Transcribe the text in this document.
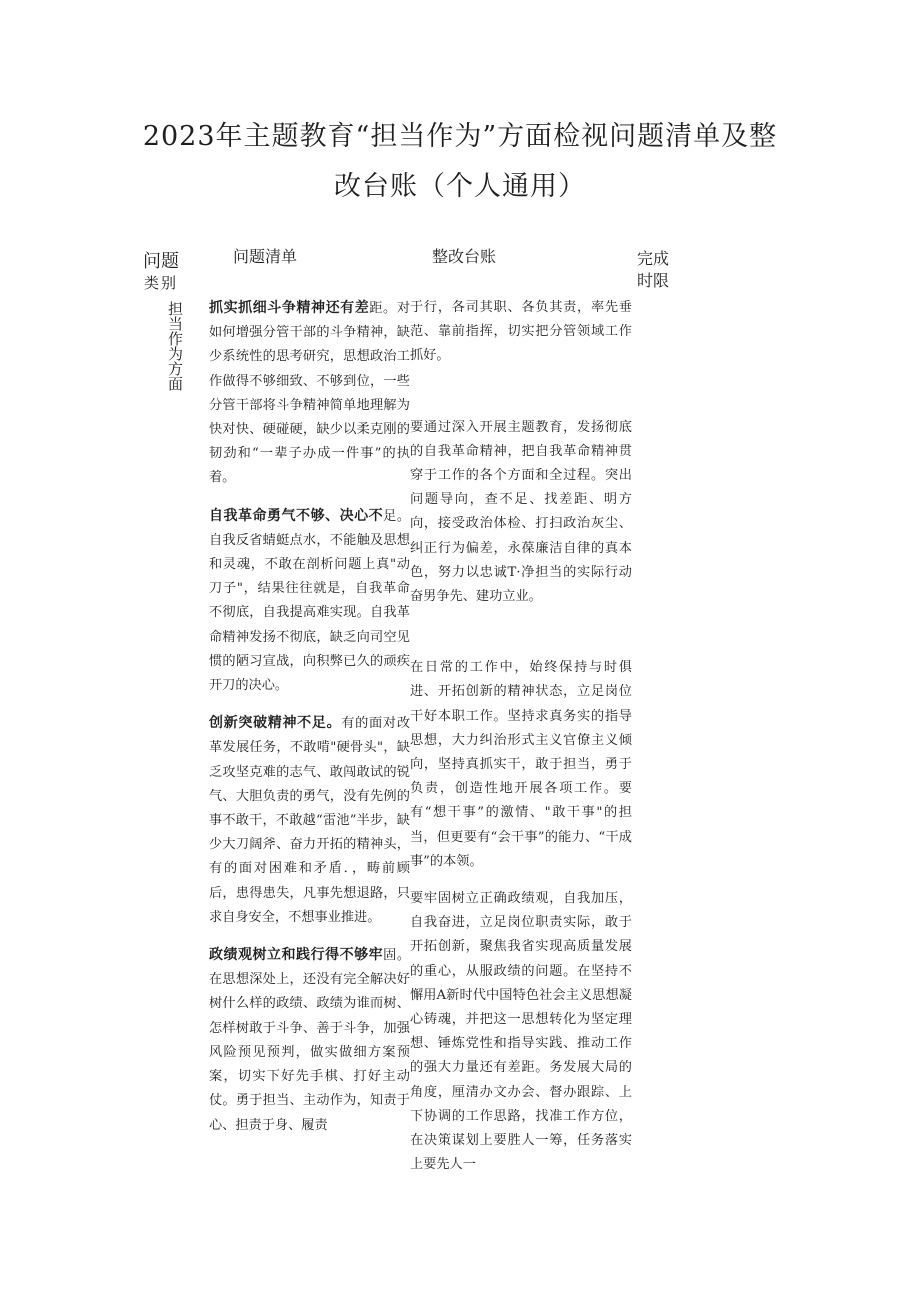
2023年主题教育“担当作为”方面检视问题清单及整
改台账（个人通用）
问题
类别
担当作为方面
问题清单	整改台账	完成时限

抓实抓细斗争精神还有差距。对如何增强分管干部的斗争精神，缺少系统性的思考研究，思想政治工作做得不够细致、不够到位，一些分管干部将斗争精神简单地理解为快对快、硬碰硬，缺少以柔克刚的韧劲和“一辈子办成一件事”的执着。

自我革命勇气不够、决心不足。自我反省蜻蜓点水，不能触及思想和灵魂，不敢在剖析问题上真"动刀子"，结果往往就是，自我革命不彻底，自我提高难实现。自我革命精神发扬不彻底，缺乏向司空见惯的陋习宣战，向积弊已久的顽疾开刀的决心。

创新突破精神不足。有的面对改革发展任务，不敢啃"硬骨头"，缺乏攻坚克难的志气、敢闯敢试的锐气、大胆负责的勇气，没有先例的事不敢干，不敢越“雷池”半步，缺少大刀阔斧、奋力开拓的精神头，有的面对困难和矛盾．，畴前顾后，患得患失，凡事先想退路，只求自身安全，不想事业推进。

政绩观树立和践行得不够牢固。在思想深处上，还没有完全解决好树什么样的政绩、政绩为谁而树、怎样树敢于斗争、善于斗争，加强风险预见预判，做实做细方案预案，切实下好先手棋、打好主动仗。勇于担当、主动作为，知责于心、担责于身、履责

于行，各司其职、各负其责，率先垂范、靠前指挥，切实把分管领域工作抓好。

要通过深入开展主题教育，发扬彻底的自我革命精神，把自我革命精神贯穿于工作的各个方面和全过程。突出问题导向，查不足、找差距、明方向，接受政治体检、打扫政治灰尘、纠正行为偏差，永葆廉洁自律的真本色，努力以忠诚T·净担当的实际行动奋男争先、建功立业。

在日常的工作中，始终保持与时俱进、开拓创新的精神状态，立足岗位干好本职工作。坚持求真务实的指导思想，大力纠治形式主义官僚主义倾向，坚持真抓实干，敢于担当，勇于负责，创造性地开展各项工作。要有“想干事”的激情、"敢干事"的担当，但更要有“会干事”的能力、“干成事”的本领。

要牢固树立正确政绩观，自我加压，自我奋进，立足岗位职责实际，敢于开拓创新，聚焦我省实现高质量发展的重心，从服政绩的问题。在坚持不懈用A新时代中国特色社会主义思想凝心铸魂，并把这一思想转化为坚定理想、锤炼党性和指导实践、推动工作的强大力量还有差距。务发展大局的角度，厘清办文办会、督办跟踪、上下协调的工作思路，找准工作方位，在决策谋划上要胜人一筹，任务落实上要先人一
